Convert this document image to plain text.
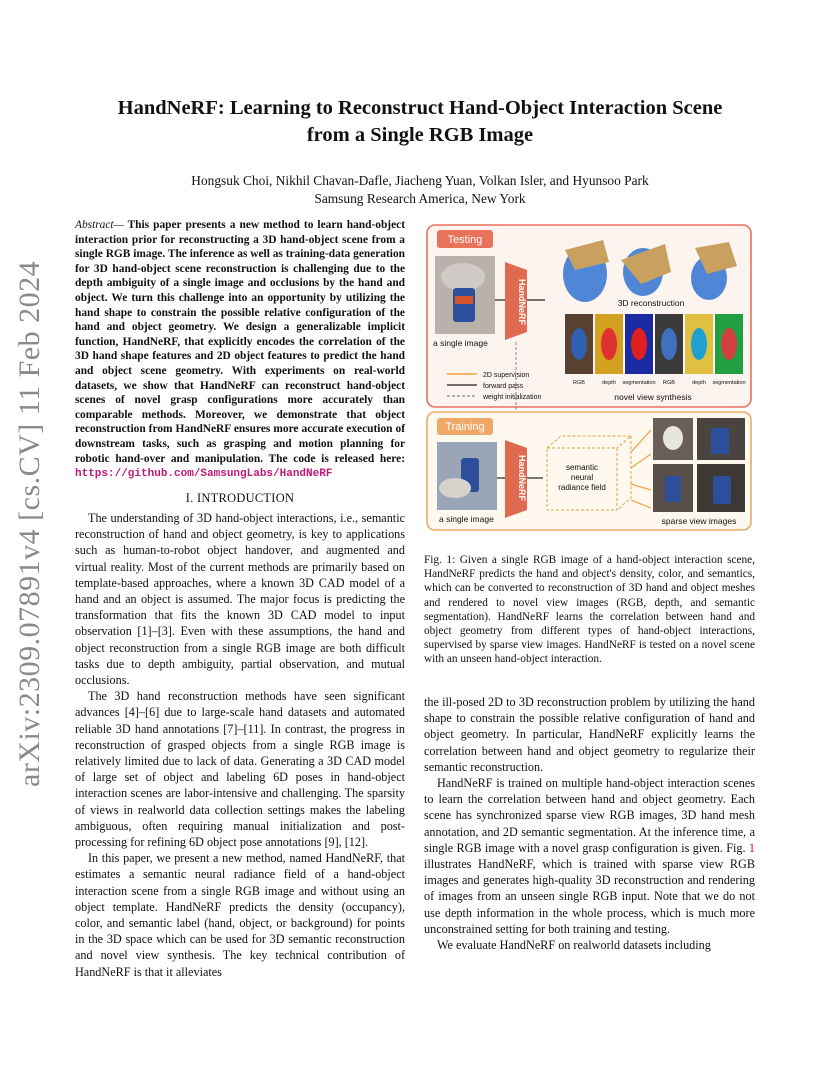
arXiv:2309.07891v4 [cs.CV] 11 Feb 2024
HandNeRF: Learning to Reconstruct Hand-Object Interaction Scene
from a Single RGB Image
Hongsuk Choi, Nikhil Chavan-Dafle, Jiacheng Yuan, Volkan Isler, and Hyunsoo Park
Samsung Research America, New York
Abstract— This paper presents a new method to learn hand-object interaction prior for reconstructing a 3D hand-object scene from a single RGB image. The inference as well as training-data generation for 3D hand-object scene reconstruction is challenging due to the depth ambiguity of a single image and occlusions by the hand and object. We turn this challenge into an opportunity by utilizing the hand shape to constrain the possible relative configuration of the hand and object geometry. We design a generalizable implicit function, HandNeRF, that explicitly encodes the correlation of the 3D hand shape features and 2D object features to predict the hand and object scene geometry. With experiments on real-world datasets, we show that HandNeRF can reconstruct hand-object scenes of novel grasp configurations more accurately than comparable methods. Moreover, we demonstrate that object reconstruction from HandNeRF ensures more accurate execution of downstream tasks, such as grasping and motion planning for robotic hand-over and manipulation. The code is released here: https://github.com/SamsungLabs/HandNeRF
I. INTRODUCTION

The understanding of 3D hand-object interactions, i.e., semantic reconstruction of hand and object geometry, is key to applications such as human-to-robot object handover, and augmented and virtual reality. Most of the current methods are primarily based on template-based approaches, where a known 3D CAD model of a hand and an object is assumed. The major focus is predicting the transformation that fits the known 3D CAD model to input observation [1]–[3]. Even with these assumptions, the hand and object reconstruction from a single RGB image are both difficult tasks due to depth ambiguity, partial observation, and mutual occlusions.

The 3D hand reconstruction methods have seen significant advances [4]–[6] due to large-scale hand datasets and automated reliable 3D hand annotations [7]–[11]. In contrast, the progress in reconstruction of grasped objects from a single RGB image is relatively limited due to lack of data. Generating a 3D CAD model of large set of object and labeling 6D poses in hand-object interaction scenes are labor-intensive and challenging. The sparsity of views in realworld data collection settings makes the labeling ambiguous, often requiring manual initialization and post-processing for refining 6D object pose annotations [9], [12].

In this paper, we present a new method, named HandNeRF, that estimates a semantic neural radiance field of a hand-object interaction scene from a single RGB image and without using an object template. HandNeRF predicts the density (occupancy), color, and semantic label (hand, object, or background) for points in the 3D space which can be used for 3D semantic reconstruction and novel view synthesis. The key technical contribution of HandNeRF is that it alleviates

Testing
a single image
HandNeRF	3D reconstruction
RGB	depth segmentation RGB	depth segmentation
novel view synthesis
2D supervision
forward pass
weight initialization
Training
a single image
HandNeRF	semantic
neural
radiance field
sparse view images
Fig. 1: Given a single RGB image of a hand-object interaction scene, HandNeRF predicts the hand and object's density, color, and semantics, which can be converted to reconstruction of 3D hand and object meshes and rendered to novel view images (RGB, depth, and semantic segmentation). HandNeRF learns the correlation between hand and object geometry from different types of hand-object interactions, supervised by sparse view images. HandNeRF is tested on a novel scene with an unseen hand-object interaction.

the ill-posed 2D to 3D reconstruction problem by utilizing the hand shape to constrain the possible relative configuration of hand and object geometry. In particular, HandNeRF explicitly learns the correlation between hand and object geometry to regularize their semantic reconstruction.

HandNeRF is trained on multiple hand-object interaction scenes to learn the correlation between hand and object geometry. Each scene has synchronized sparse view RGB images, 3D hand mesh annotation, and 2D semantic segmentation. At the inference time, a single RGB image with a novel grasp configuration is given. Fig. 1 illustrates HandNeRF, which is trained with sparse view RGB images and generates high-quality 3D reconstruction and rendering of images from an unseen single RGB input. Note that we do not use depth information in the whole process, which is much more unconstrained setting for both training and testing.

We evaluate HandNeRF on realworld datasets including
